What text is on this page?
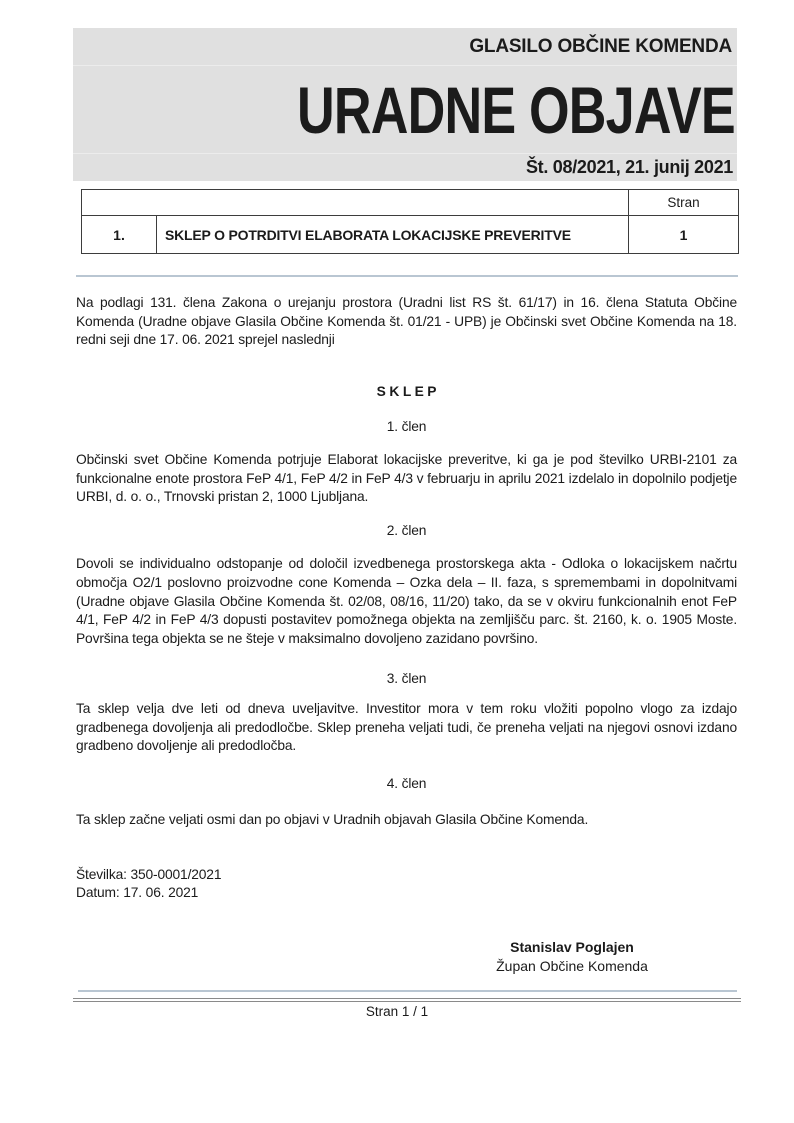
GLASILO OBČINE KOMENDA
URADNE OBJAVE
Št. 08/2021, 21. junij 2021
		Stran
1.	SKLEP O POTRDITVI ELABORATA LOKACIJSKE PREVERITVE	1

Na podlagi 131. člena Zakona o urejanju prostora (Uradni list RS št. 61/17) in 16. člena Statuta Občine Komenda (Uradne objave Glasila Občine Komenda št. 01/21 - UPB) je Občinski svet Občine Komenda na 18. redni seji dne 17. 06. 2021 sprejel naslednji

S K L E P

1. člen

Občinski svet Občine Komenda potrjuje Elaborat lokacijske preveritve, ki ga je pod številko URBI-2101 za funkcionalne enote prostora FeP 4/1, FeP 4/2 in FeP 4/3 v februarju in aprilu 2021 izdelalo in dopolnilo podjetje URBI, d. o. o., Trnovski pristan 2, 1000 Ljubljana.

2. člen

Dovoli se individualno odstopanje od določil izvedbenega prostorskega akta - Odloka o lokacijskem načrtu območja O2/1 poslovno proizvodne cone Komenda – Ozka dela – II. faza, s spremembami in dopolnitvami (Uradne objave Glasila Občine Komenda št. 02/08, 08/16, 11/20) tako, da se v okviru funkcionalnih enot FeP 4/1, FeP 4/2 in FeP 4/3 dopusti postavitev pomožnega objekta na zemljišču parc. št. 2160, k. o. 1905 Moste. Površina tega objekta se ne šteje v maksimalno dovoljeno zazidano površino.

3. člen

Ta sklep velja dve leti od dneva uveljavitve. Investitor mora v tem roku vložiti popolno vlogo za izdajo gradbenega dovoljenja ali predodločbe. Sklep preneha veljati tudi, če preneha veljati na njegovi osnovi izdano gradbeno dovoljenje ali predodločba.

4. člen

Ta sklep začne veljati osmi dan po objavi v Uradnih objavah Glasila Občine Komenda.

Številka: 350-0001/2021

Datum: 17. 06. 2021

Stanislav Poglajen
Župan Občine Komenda
Stran 1 / 1
